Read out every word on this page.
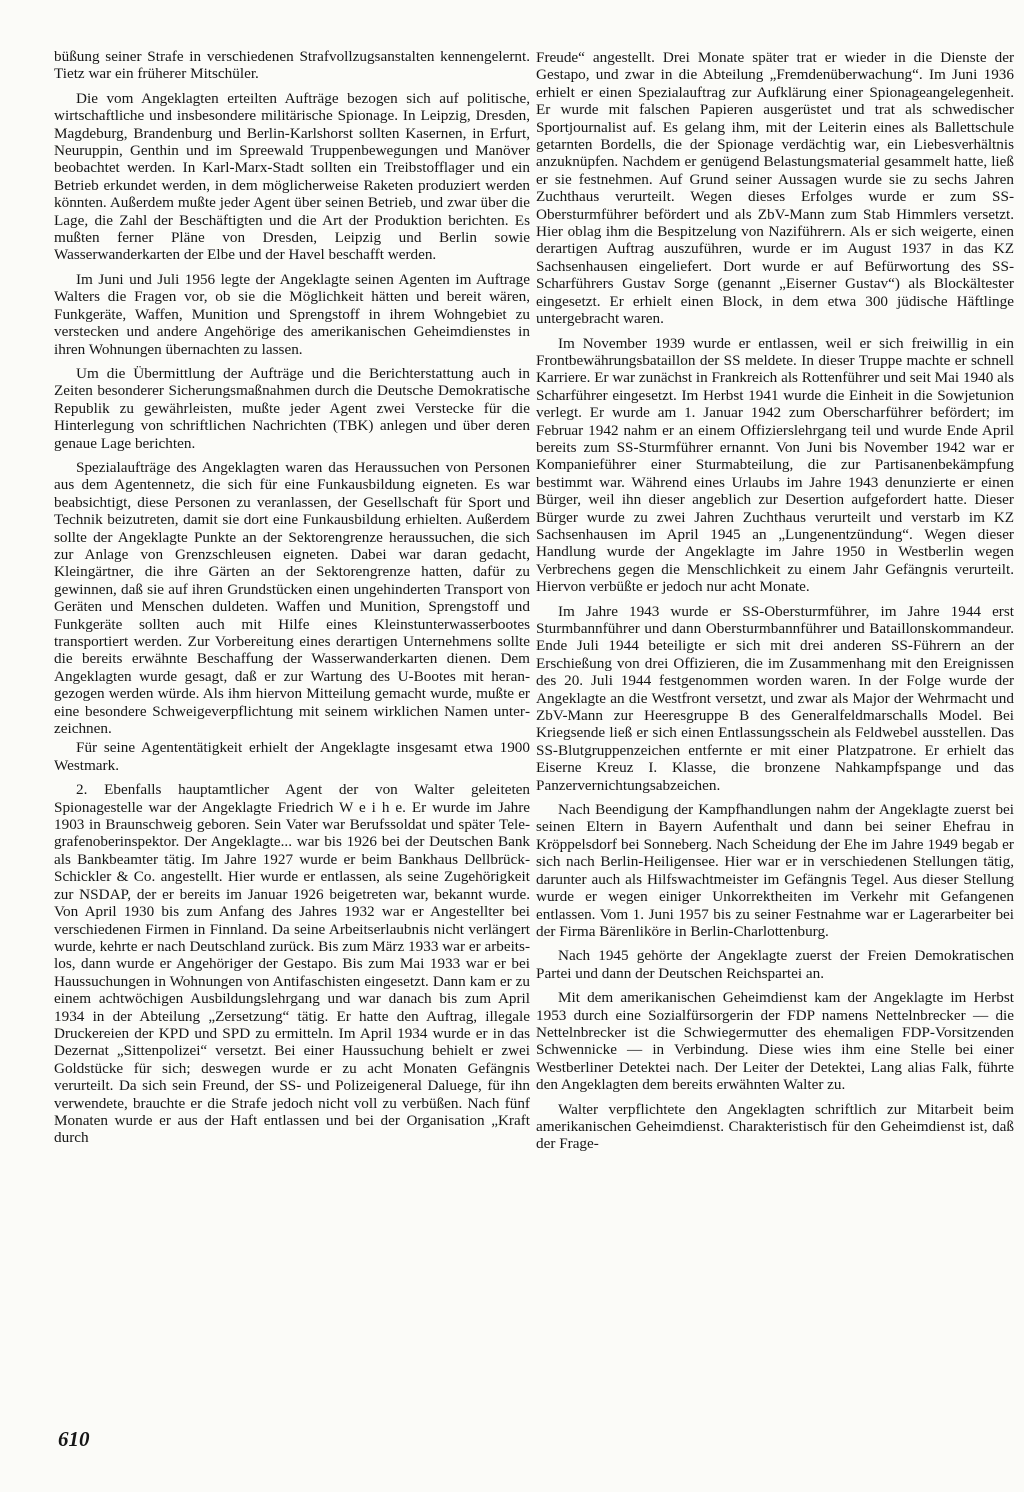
büßung seiner Strafe in verschiedenen Strafvollzugsanstalten kennengelernt. Tietz war ein früherer Mitschüler.

Die vom Angeklagten erteilten Aufträge bezogen sich auf politische, wirtschaftliche und insbesondere militärische Spionage. In Leipzig, Dresden, Magdeburg, Brandenburg und Berlin-Karlshorst sollten Kasernen, in Erfurt, Neuruppin, Genthin und im Spreewald Truppenbewegungen und Manöver beobachtet werden. In Karl-Marx-Stadt sollten ein Treibstofflager und ein Betrieb erkundet werden, in dem möglicherweise Raketen produziert werden könnten. Außerdem mußte jeder Agent über seinen Betrieb, und zwar über die Lage, die Zahl der Beschäftigten und die Art der Produktion berichten. Es mußten ferner Pläne von Dresden, Leipzig und Berlin sowie Wasserwanderkarten der Elbe und der Havel beschafft werden.

Im Juni und Juli 1956 legte der Angeklagte seinen Agenten im Auftrage Walters die Fragen vor, ob sie die Möglichkeit hätten und bereit wären, Funkgeräte, Waffen, Munition und Sprengstoff in ihrem Wohngebiet zu verstecken und andere Angehörige des amerikanischen Geheimdienstes in ihren Wohnungen übernachten zu lassen.

Um die Übermittlung der Aufträge und die Berichterstattung auch in Zeiten besonderer Sicherungsmaßnahmen durch die Deutsche Demokratische Republik zu gewährleisten, mußte jeder Agent zwei Verstecke für die Hinterlegung von schriftlichen Nachrichten (TBK) anlegen und über deren genaue Lage berichten.

Spezialaufträge des Angeklagten waren das Heraussuchen von Personen aus dem Agentennetz, die sich für eine Funkausbildung eigneten. Es war beabsichtigt, diese Personen zu veranlassen, der Gesellschaft für Sport und Technik beizutreten, damit sie dort eine Funkausbildung erhielten. Außerdem sollte der Angeklagte Punkte an der Sektorengrenze heraussuchen, die sich zur Anlage von Grenzschleusen eigneten. Dabei war daran gedacht, Kleingärtner, die ihre Gärten an der Sektorengrenze hatten, dafür zu gewinnen, daß sie auf ihren Grundstücken einen ungehinderten Transport von Geräten und Menschen duldeten. Waffen und Munition, Sprengstoff und Funkgeräte sollten auch mit Hilfe eines Kleinstunterwasserbootes transportiert werden. Zur Vorbereitung eines derartigen Unternehmens sollte die bereits erwähnte Beschaffung der Wasserwanderkarten dienen. Dem Angeklagten wurde gesagt, daß er zur Wartung des U-Bootes mit herangezogen werden würde. Als ihm hiervon Mitteilung gemacht wurde, mußte er eine besondere Schweigeverpflichtung mit seinem wirklichen Namen unterzeichnen.

Für seine Agententätigkeit erhielt der Angeklagte insgesamt etwa 1900 Westmark.

2. Ebenfalls hauptamtlicher Agent der von Walter geleiteten Spionagestelle war der Angeklagte Friedrich W e i h e. Er wurde im Jahre 1903 in Braunschweig geboren. Sein Vater war Berufssoldat und später Telegrafenoberinspektor. Der Angeklagte... war bis 1926 bei der Deutschen Bank als Bankbeamter tätig. Im Jahre 1927 wurde er beim Bankhaus Dellbrück-Schickler & Co. angestellt. Hier wurde er entlassen, als seine Zugehörigkeit zur NSDAP, der er bereits im Januar 1926 beigetreten war, bekannt wurde. Von April 1930 bis zum Anfang des Jahres 1932 war er Angestellter bei verschiedenen Firmen in Finnland. Da seine Arbeitserlaubnis nicht verlängert wurde, kehrte er nach Deutschland zurück. Bis zum März 1933 war er arbeitslos, dann wurde er Angehöriger der Gestapo. Bis zum Mai 1933 war er bei Haussuchungen in Wohnungen von Antifaschisten eingesetzt. Dann kam er zu einem achtwöchigen Ausbildungslehrgang und war danach bis zum April 1934 in der Abteilung „Zersetzung“ tätig. Er hatte den Auftrag, illegale Druckereien der KPD und SPD zu ermitteln. Im April 1934 wurde er in das Dezernat „Sittenpolizei“ versetzt. Bei einer Haussuchung behielt er zwei Goldstücke für sich; deswegen wurde er zu acht Monaten Gefängnis verurteilt. Da sich sein Freund, der SS- und Polizeigeneral Daluege, für ihn verwendete, brauchte er die Strafe jedoch nicht voll zu verbüßen. Nach fünf Monaten wurde er aus der Haft entlassen und bei der Organisation „Kraft durch

Freude“ angestellt. Drei Monate später trat er wieder in die Dienste der Gestapo, und zwar in die Abteilung „Fremdenüberwachung“. Im Juni 1936 erhielt er einen Spezialauftrag zur Aufklärung einer Spionageangelegenheit. Er wurde mit falschen Papieren ausgerüstet und trat als schwedischer Sportjournalist auf. Es gelang ihm, mit der Leiterin eines als Ballettschule getarnten Bordells, die der Spionage verdächtig war, ein Liebesverhältnis anzuknüpfen. Nachdem er genügend Belastungsmaterial gesammelt hatte, ließ er sie festnehmen. Auf Grund seiner Aussagen wurde sie zu sechs Jahren Zuchthaus verurteilt. Wegen dieses Erfolges wurde er zum SS-Obersturmführer befördert und als ZbV-Mann zum Stab Himmlers versetzt. Hier oblag ihm die Bespitzelung von Naziführern. Als er sich weigerte, einen derartigen Auftrag auszuführen, wurde er im August 1937 in das KZ Sachsenhausen eingeliefert. Dort wurde er auf Befürwortung des SS-Scharführers Gustav Sorge (genannt „Eiserner Gustav“) als Blockältester eingesetzt. Er erhielt einen Block, in dem etwa 300 jüdische Häftlinge untergebracht waren.

Im November 1939 wurde er entlassen, weil er sich freiwillig in ein Frontbewährungsbataillon der SS meldete. In dieser Truppe machte er schnell Karriere. Er war zunächst in Frankreich als Rottenführer und seit Mai 1940 als Scharführer eingesetzt. Im Herbst 1941 wurde die Einheit in die Sowjetunion verlegt. Er wurde am 1. Januar 1942 zum Oberscharführer befördert; im Februar 1942 nahm er an einem Offizierslehrgang teil und wurde Ende April bereits zum SS-Sturmführer ernannt. Von Juni bis November 1942 war er Kompanieführer einer Sturmabteilung, die zur Partisanenbekämpfung bestimmt war. Während eines Urlaubs im Jahre 1943 denunzierte er einen Bürger, weil ihn dieser angeblich zur Desertion aufgefordert hatte. Dieser Bürger wurde zu zwei Jahren Zuchthaus verurteilt und verstarb im KZ Sachsenhausen im April 1945 an „Lungenentzündung“. Wegen dieser Handlung wurde der Angeklagte im Jahre 1950 in Westberlin wegen Verbrechens gegen die Menschlichkeit zu einem Jahr Gefängnis verurteilt. Hiervon verbüßte er jedoch nur acht Monate.

Im Jahre 1943 wurde er SS-Obersturmführer, im Jahre 1944 erst Sturmbannführer und dann Obersturmbannführer und Bataillonskommandeur. Ende Juli 1944 beteiligte er sich mit drei anderen SS-Führern an der Erschießung von drei Offizieren, die im Zusammenhang mit den Ereignissen des 20. Juli 1944 festgenommen worden waren. In der Folge wurde der Angeklagte an die Westfront versetzt, und zwar als Major der Wehrmacht und ZbV-Mann zur Heeresgruppe B des Generalfeldmarschalls Model. Bei Kriegsende ließ er sich einen Entlassungsschein als Feldwebel ausstellen. Das SS-Blutgruppenzeichen entfernte er mit einer Platzpatrone. Er erhielt das Eiserne Kreuz I. Klasse, die bronzene Nahkampfspange und das Panzervernichtungsabzeichen.

Nach Beendigung der Kampfhandlungen nahm der Angeklagte zuerst bei seinen Eltern in Bayern Aufenthalt und dann bei seiner Ehefrau in Kröppelsdorf bei Sonneberg. Nach Scheidung der Ehe im Jahre 1949 begab er sich nach Berlin-Heiligensee. Hier war er in verschiedenen Stellungen tätig, darunter auch als Hilfswachtmeister im Gefängnis Tegel. Aus dieser Stellung wurde er wegen einiger Unkorrektheiten im Verkehr mit Gefangenen entlassen. Vom 1. Juni 1957 bis zu seiner Festnahme war er Lagerarbeiter bei der Firma Bärenliköre in Berlin-Charlottenburg.

Nach 1945 gehörte der Angeklagte zuerst der Freien Demokratischen Partei und dann der Deutschen Reichspartei an.

Mit dem amerikanischen Geheimdienst kam der Angeklagte im Herbst 1953 durch eine Sozialfürsorgerin der FDP namens Nettelnbrecker — die Nettelnbrecker ist die Schwiegermutter des ehemaligen FDP-Vorsitzenden Schwennicke — in Verbindung. Diese wies ihm eine Stelle bei einer Westberliner Detektei nach. Der Leiter der Detektei, Lang alias Falk, führte den Angeklagten dem bereits erwähnten Walter zu.

Walter verpflichtete den Angeklagten schriftlich zur Mitarbeit beim amerikanischen Geheimdienst. Charakteristisch für den Geheimdienst ist, daß der Frage-

610
